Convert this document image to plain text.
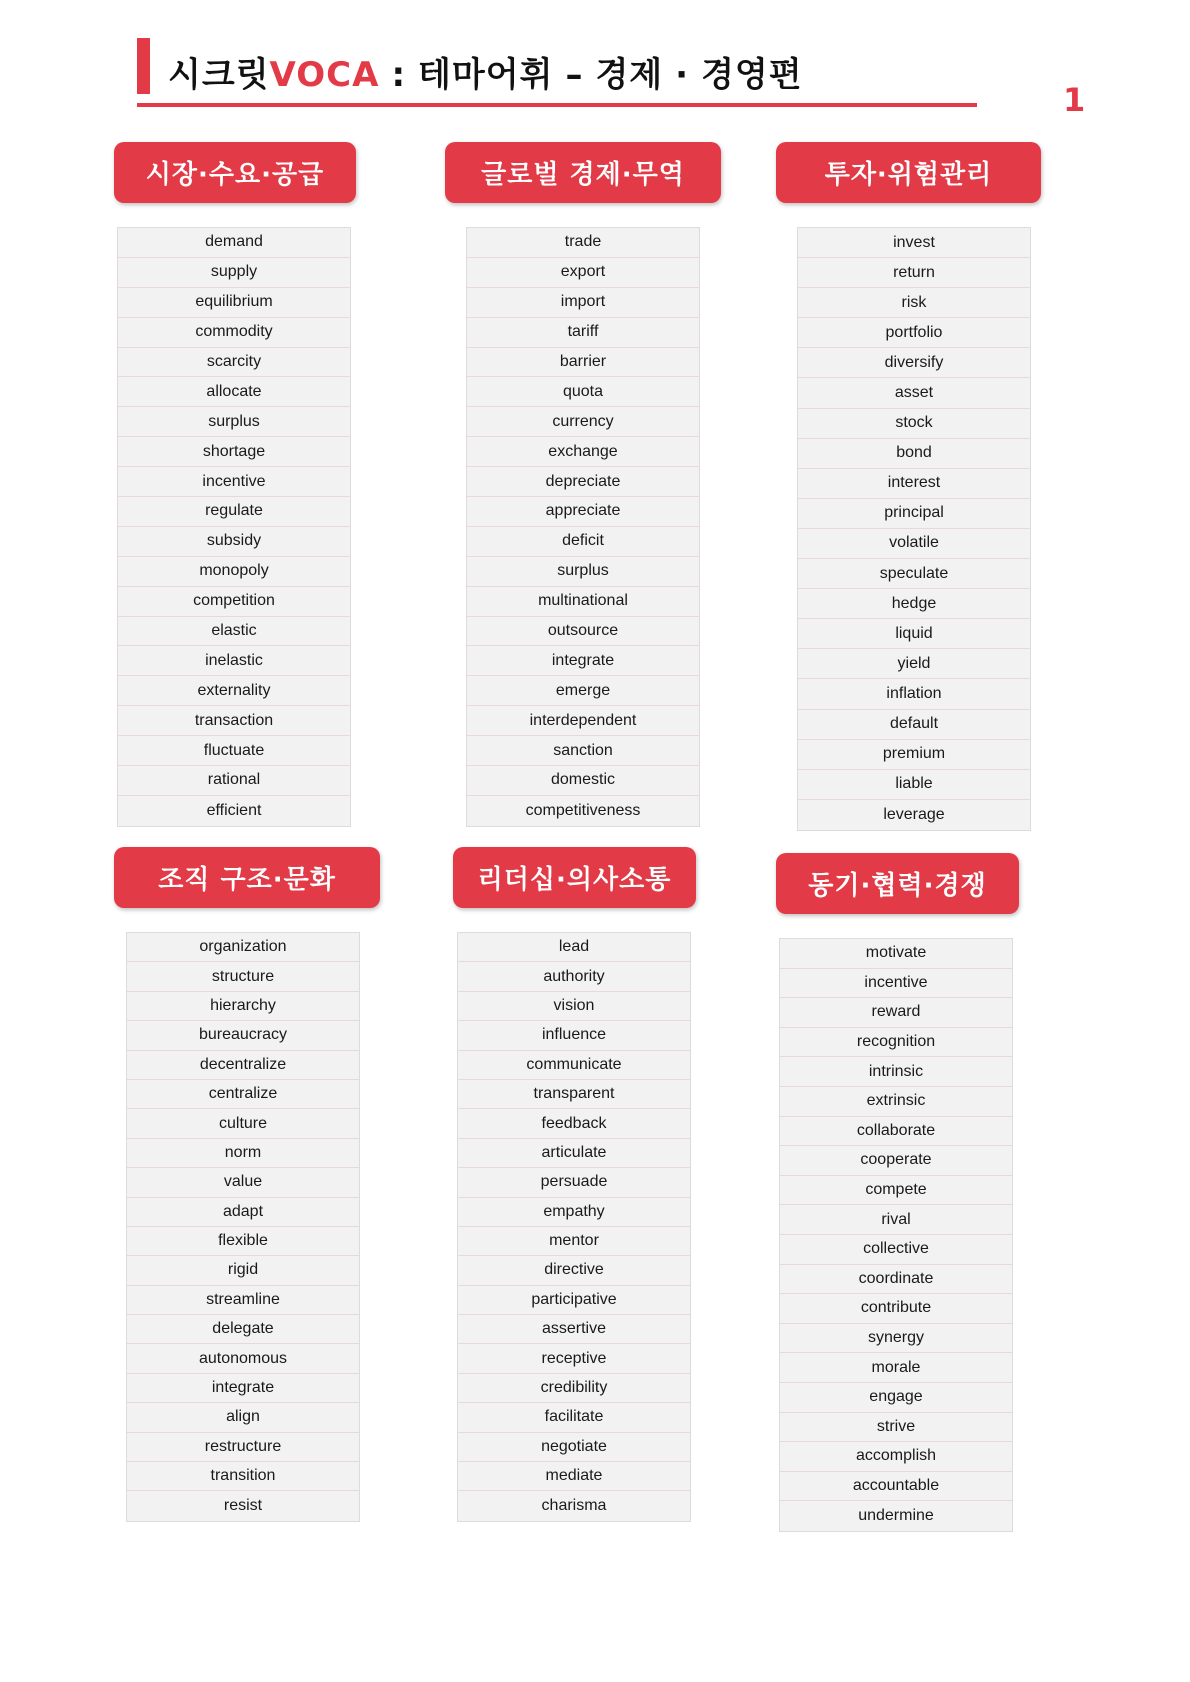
시크릿VOCA : 테마어휘 – 경제 · 경영편
1
시장·수요·공급
demand
supply
equilibrium
commodity
scarcity
allocate
surplus
shortage
incentive
regulate
subsidy
monopoly
competition
elastic
inelastic
externality
transaction
fluctuate
rational
efficient
글로벌 경제·무역
trade
export
import
tariff
barrier
quota
currency
exchange
depreciate
appreciate
deficit
surplus
multinational
outsource
integrate
emerge
interdependent
sanction
domestic
competitiveness
투자·위험관리
invest
return
risk
portfolio
diversify
asset
stock
bond
interest
principal
volatile
speculate
hedge
liquid
yield
inflation
default
premium
liable
leverage
조직 구조·문화
organization
structure
hierarchy
bureaucracy
decentralize
centralize
culture
norm
value
adapt
flexible
rigid
streamline
delegate
autonomous
integrate
align
restructure
transition
resist
리더십·의사소통
lead
authority
vision
influence
communicate
transparent
feedback
articulate
persuade
empathy
mentor
directive
participative
assertive
receptive
credibility
facilitate
negotiate
mediate
charisma
동기·협력·경쟁
motivate
incentive
reward
recognition
intrinsic
extrinsic
collaborate
cooperate
compete
rival
collective
coordinate
contribute
synergy
morale
engage
strive
accomplish
accountable
undermine
